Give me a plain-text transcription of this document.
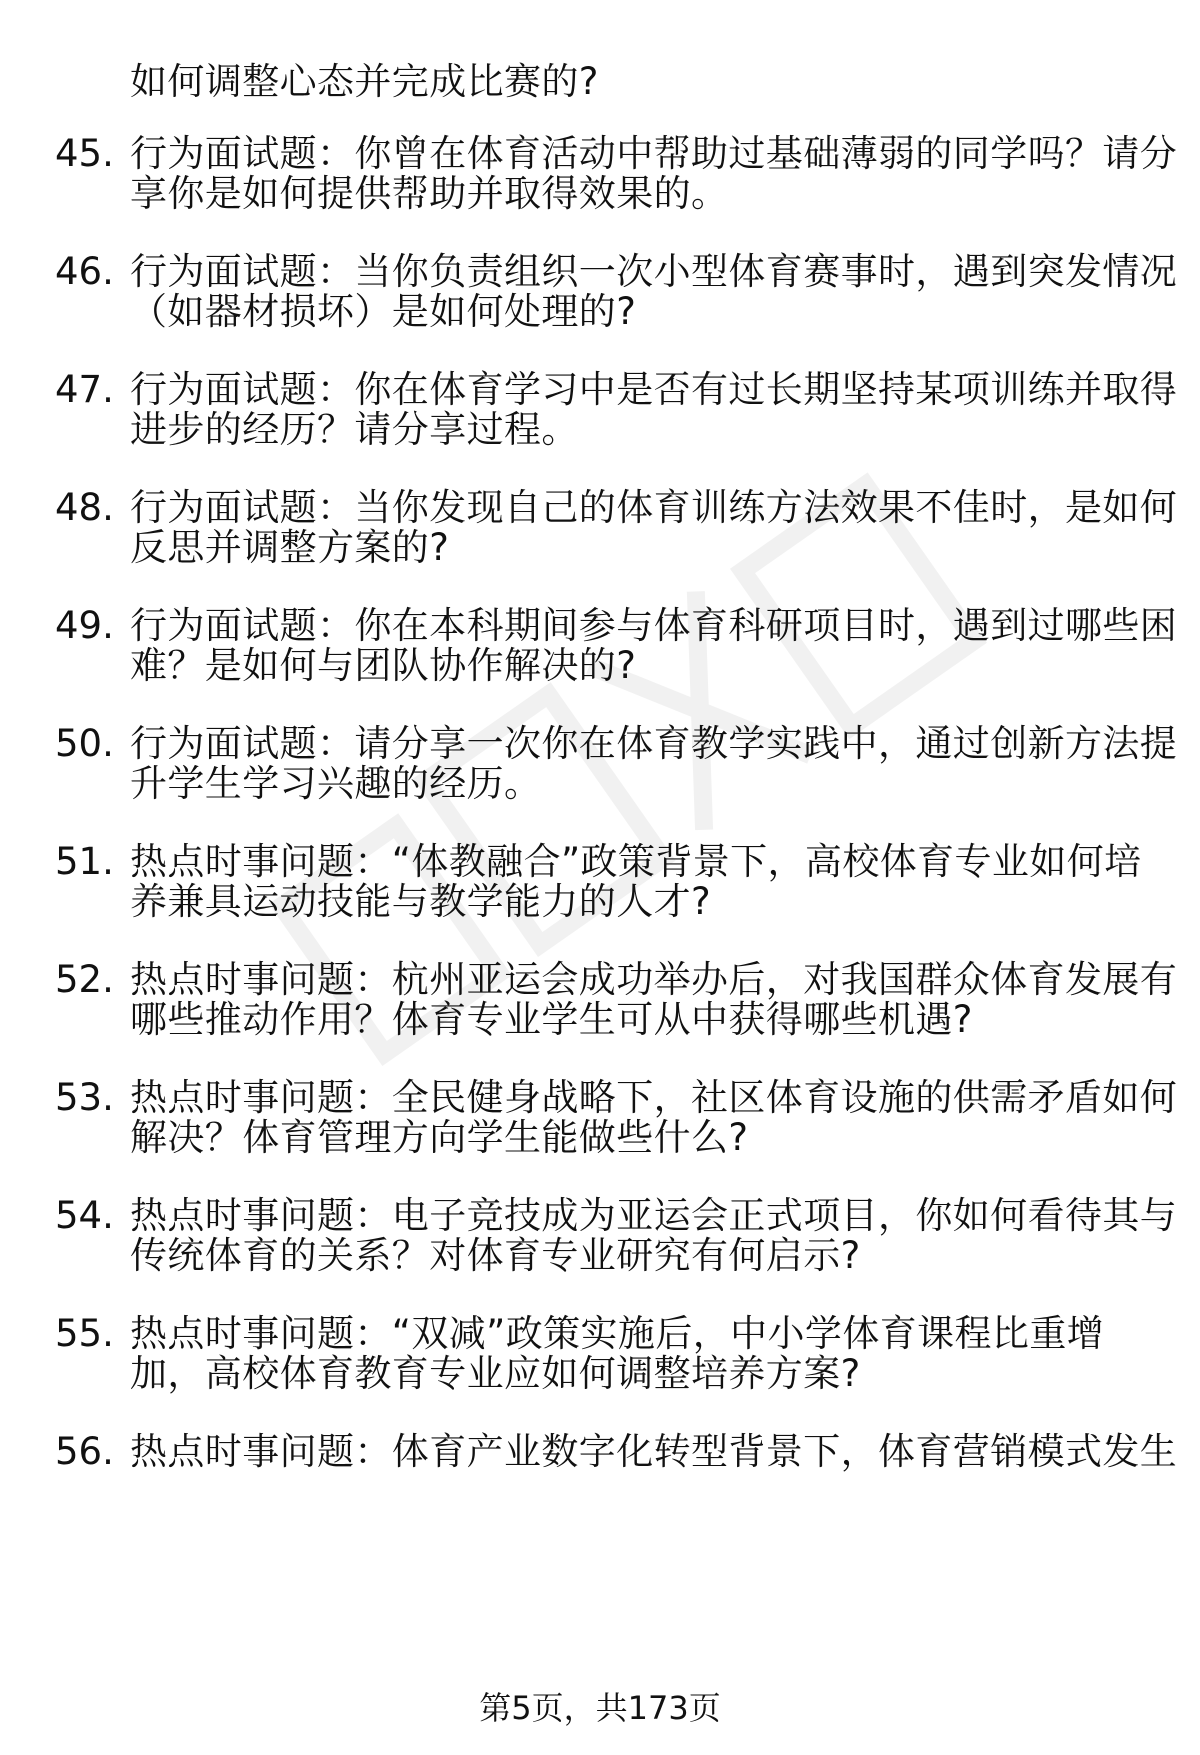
如何调整心态并完成比赛的?
45. 行为面试题：你曾在体育活动中帮助过基础薄弱的同学吗？请分
享你是如何提供帮助并取得效果的。
46. 行为面试题：当你负责组织一次小型体育赛事时，遇到突发情况
（如器材损坏）是如何处理的?
47. 行为面试题：你在体育学习中是否有过长期坚持某项训练并取得
进步的经历？请分享过程。
48. 行为面试题：当你发现自己的体育训练方法效果不佳时，是如何
反思并调整方案的?
49. 行为面试题：你在本科期间参与体育科研项目时，遇到过哪些困
难？是如何与团队协作解决的?
50. 行为面试题：请分享一次你在体育教学实践中，通过创新方法提
升学生学习兴趣的经历。
51. 热点时事问题：“体教融合”政策背景下，高校体育专业如何培
养兼具运动技能与教学能力的人才?
52. 热点时事问题：杭州亚运会成功举办后，对我国群众体育发展有
哪些推动作用？体育专业学生可从中获得哪些机遇?
53. 热点时事问题：全民健身战略下，社区体育设施的供需矛盾如何
解决？体育管理方向学生能做些什么?
54. 热点时事问题：电子竞技成为亚运会正式项目，你如何看待其与
传统体育的关系？对体育专业研究有何启示?
55. 热点时事问题：“双减”政策实施后，中小学体育课程比重增
加，高校体育教育专业应如何调整培养方案?
56. 热点时事问题：体育产业数字化转型背景下，体育营销模式发生
第5页，共173页
